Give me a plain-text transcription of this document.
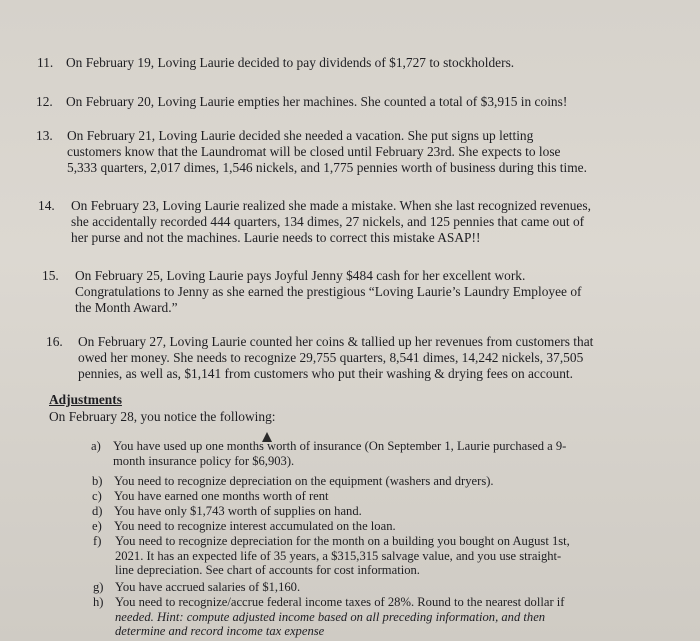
11. On February 19, Loving Laurie decided to pay dividends of $1,727 to stockholders.
12. On February 20, Loving Laurie empties her machines. She counted a total of $3,915 in coins!
13. On February 21, Loving Laurie decided she needed a vacation. She put signs up letting
customers know that the Laundromat will be closed until February 23rd. She expects to lose
5,333 quarters, 2,017 dimes, 1,546 nickels, and 1,775 pennies worth of business during this time.
14. On February 23, Loving Laurie realized she made a mistake. When she last recognized revenues,
she accidentally recorded 444 quarters, 134 dimes, 27 nickels, and 125 pennies that came out of
her purse and not the machines. Laurie needs to correct this mistake ASAP!!
15. On February 25, Loving Laurie pays Joyful Jenny $484 cash for her excellent work.
Congratulations to Jenny as she earned the prestigious “Loving Laurie’s Laundry Employee of
the Month Award.”
16. On February 27, Loving Laurie counted her coins & tallied up her revenues from customers that
owed her money. She needs to recognize 29,755 quarters, 8,541 dimes, 14,242 nickels, 37,505
pennies, as well as, $1,141 from customers who put their washing & drying fees on account.
Adjustments
On February 28, you notice the following:
a) You have used up one months worth of insurance (On September 1, Laurie purchased a 9-
month insurance policy for $6,903).
b) You need to recognize depreciation on the equipment (washers and dryers).
c) You have earned one months worth of rent
d) You have only $1,743 worth of supplies on hand.
e) You need to recognize interest accumulated on the loan.
f) You need to recognize depreciation for the month on a building you bought on August 1st,
2021. It has an expected life of 35 years, a $315,315 salvage value, and you use straight-
line depreciation. See chart of accounts for cost information.
g) You have accrued salaries of $1,160.
h) You need to recognize/accrue federal income taxes of 28%. Round to the nearest dollar if
needed. Hint: compute adjusted income based on all preceding information, and then
determine and record income tax expense
